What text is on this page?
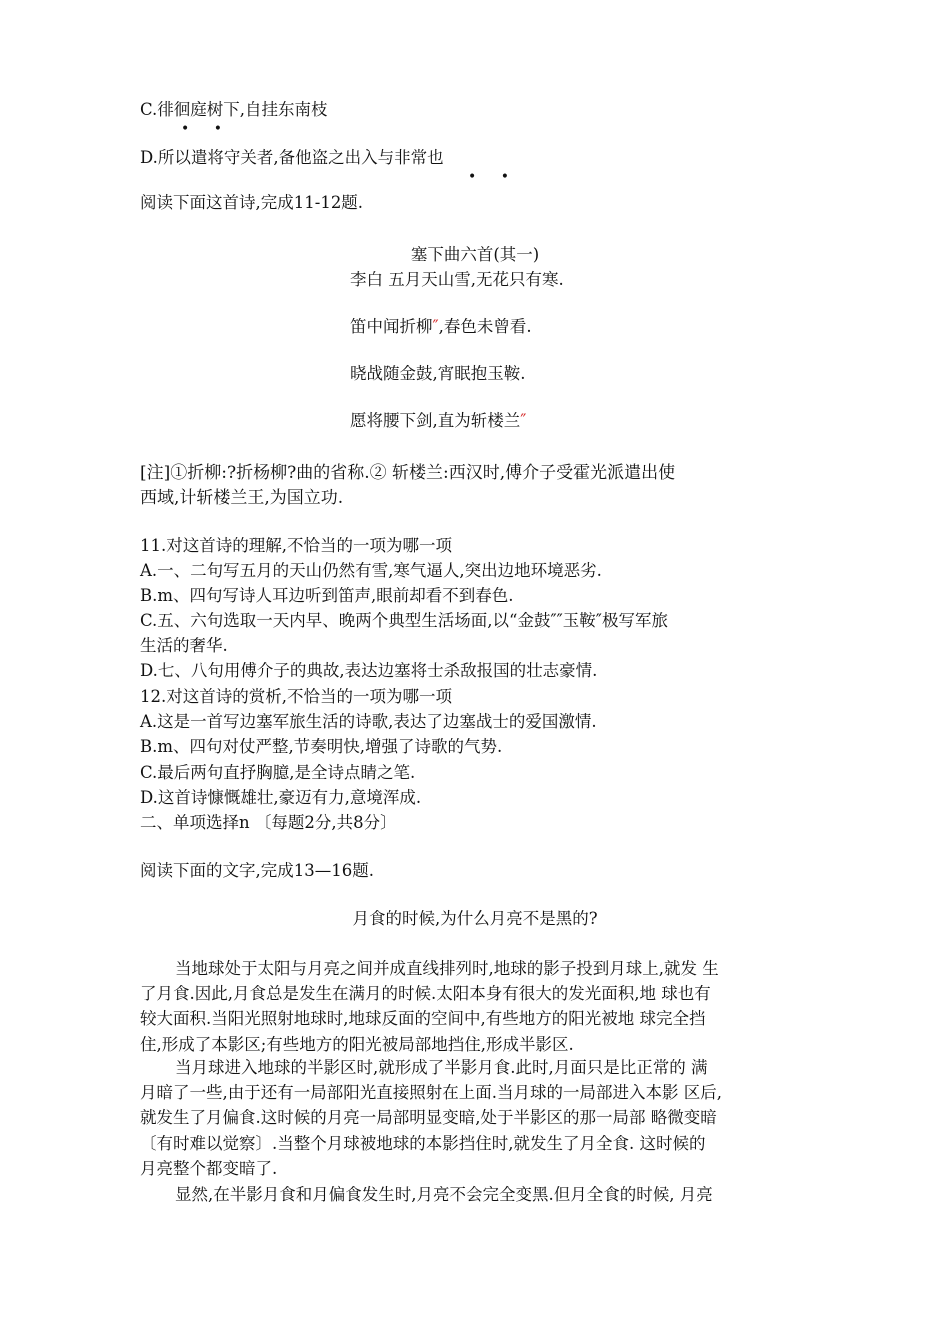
C.徘徊庭树下,自挂东南枝
• •
D.所以遣将守关者,备他盗之出入与非常也
• •
阅读下面这首诗,完成11-12题.
塞下曲六首(其一)
李白 五月天山雪,无花只有寒.
笛中闻折柳″,春色未曾看.
晓战随金鼓,宵眠抱玉鞍.
愿将腰下剑,直为斩楼兰″
[注]①折柳:?折杨柳?曲的省称.② 斩楼兰:西汉时,傅介子受霍光派遣出使
西域,计斩楼兰王,为国立功.
11.对这首诗的理解,不恰当的一项为哪一项
A.一、二句写五月的天山仍然有雪,寒气逼人,突出边地环境恶劣.
B.m、四句写诗人耳边听到笛声,眼前却看不到春色.
C.五、六句选取一天内早、晚两个典型生活场面,以“金鼓″″玉鞍″极写军旅
生活的奢华.
D.七、八句用傅介子的典故,表达边塞将士杀敌报国的壮志豪情.
12.对这首诗的赏析,不恰当的一项为哪一项
A.这是一首写边塞军旅生活的诗歌,表达了边塞战士的爱国激情.
B.m、四句对仗严整,节奏明快,增强了诗歌的气势.
C.最后两句直抒胸臆,是全诗点睛之笔.
D.这首诗慷慨雄壮,豪迈有力,意境浑成.
二、单项选择n 〔每题2分,共8分〕
阅读下面的文字,完成13—16题.
月食的时候,为什么月亮不是黑的?
当地球处于太阳与月亮之间并成直线排列时,地球的影子投到月球上,就发 生
了月食.因此,月食总是发生在满月的时候.太阳本身有很大的发光面积,地 球也有
较大面积.当阳光照射地球时,地球反面的空间中,有些地方的阳光被地 球完全挡
住,形成了本影区;有些地方的阳光被局部地挡住,形成半影区.
当月球进入地球的半影区时,就形成了半影月食.此时,月面只是比正常的 满
月暗了一些,由于还有一局部阳光直接照射在上面.当月球的一局部进入本影 区后,
就发生了月偏食.这时候的月亮一局部明显变暗,处于半影区的那一局部 略微变暗
〔有时难以觉察〕.当整个月球被地球的本影挡住时,就发生了月全食. 这时候的
月亮整个都变暗了.
显然,在半影月食和月偏食发生时,月亮不会完全变黑.但月全食的时候, 月亮
